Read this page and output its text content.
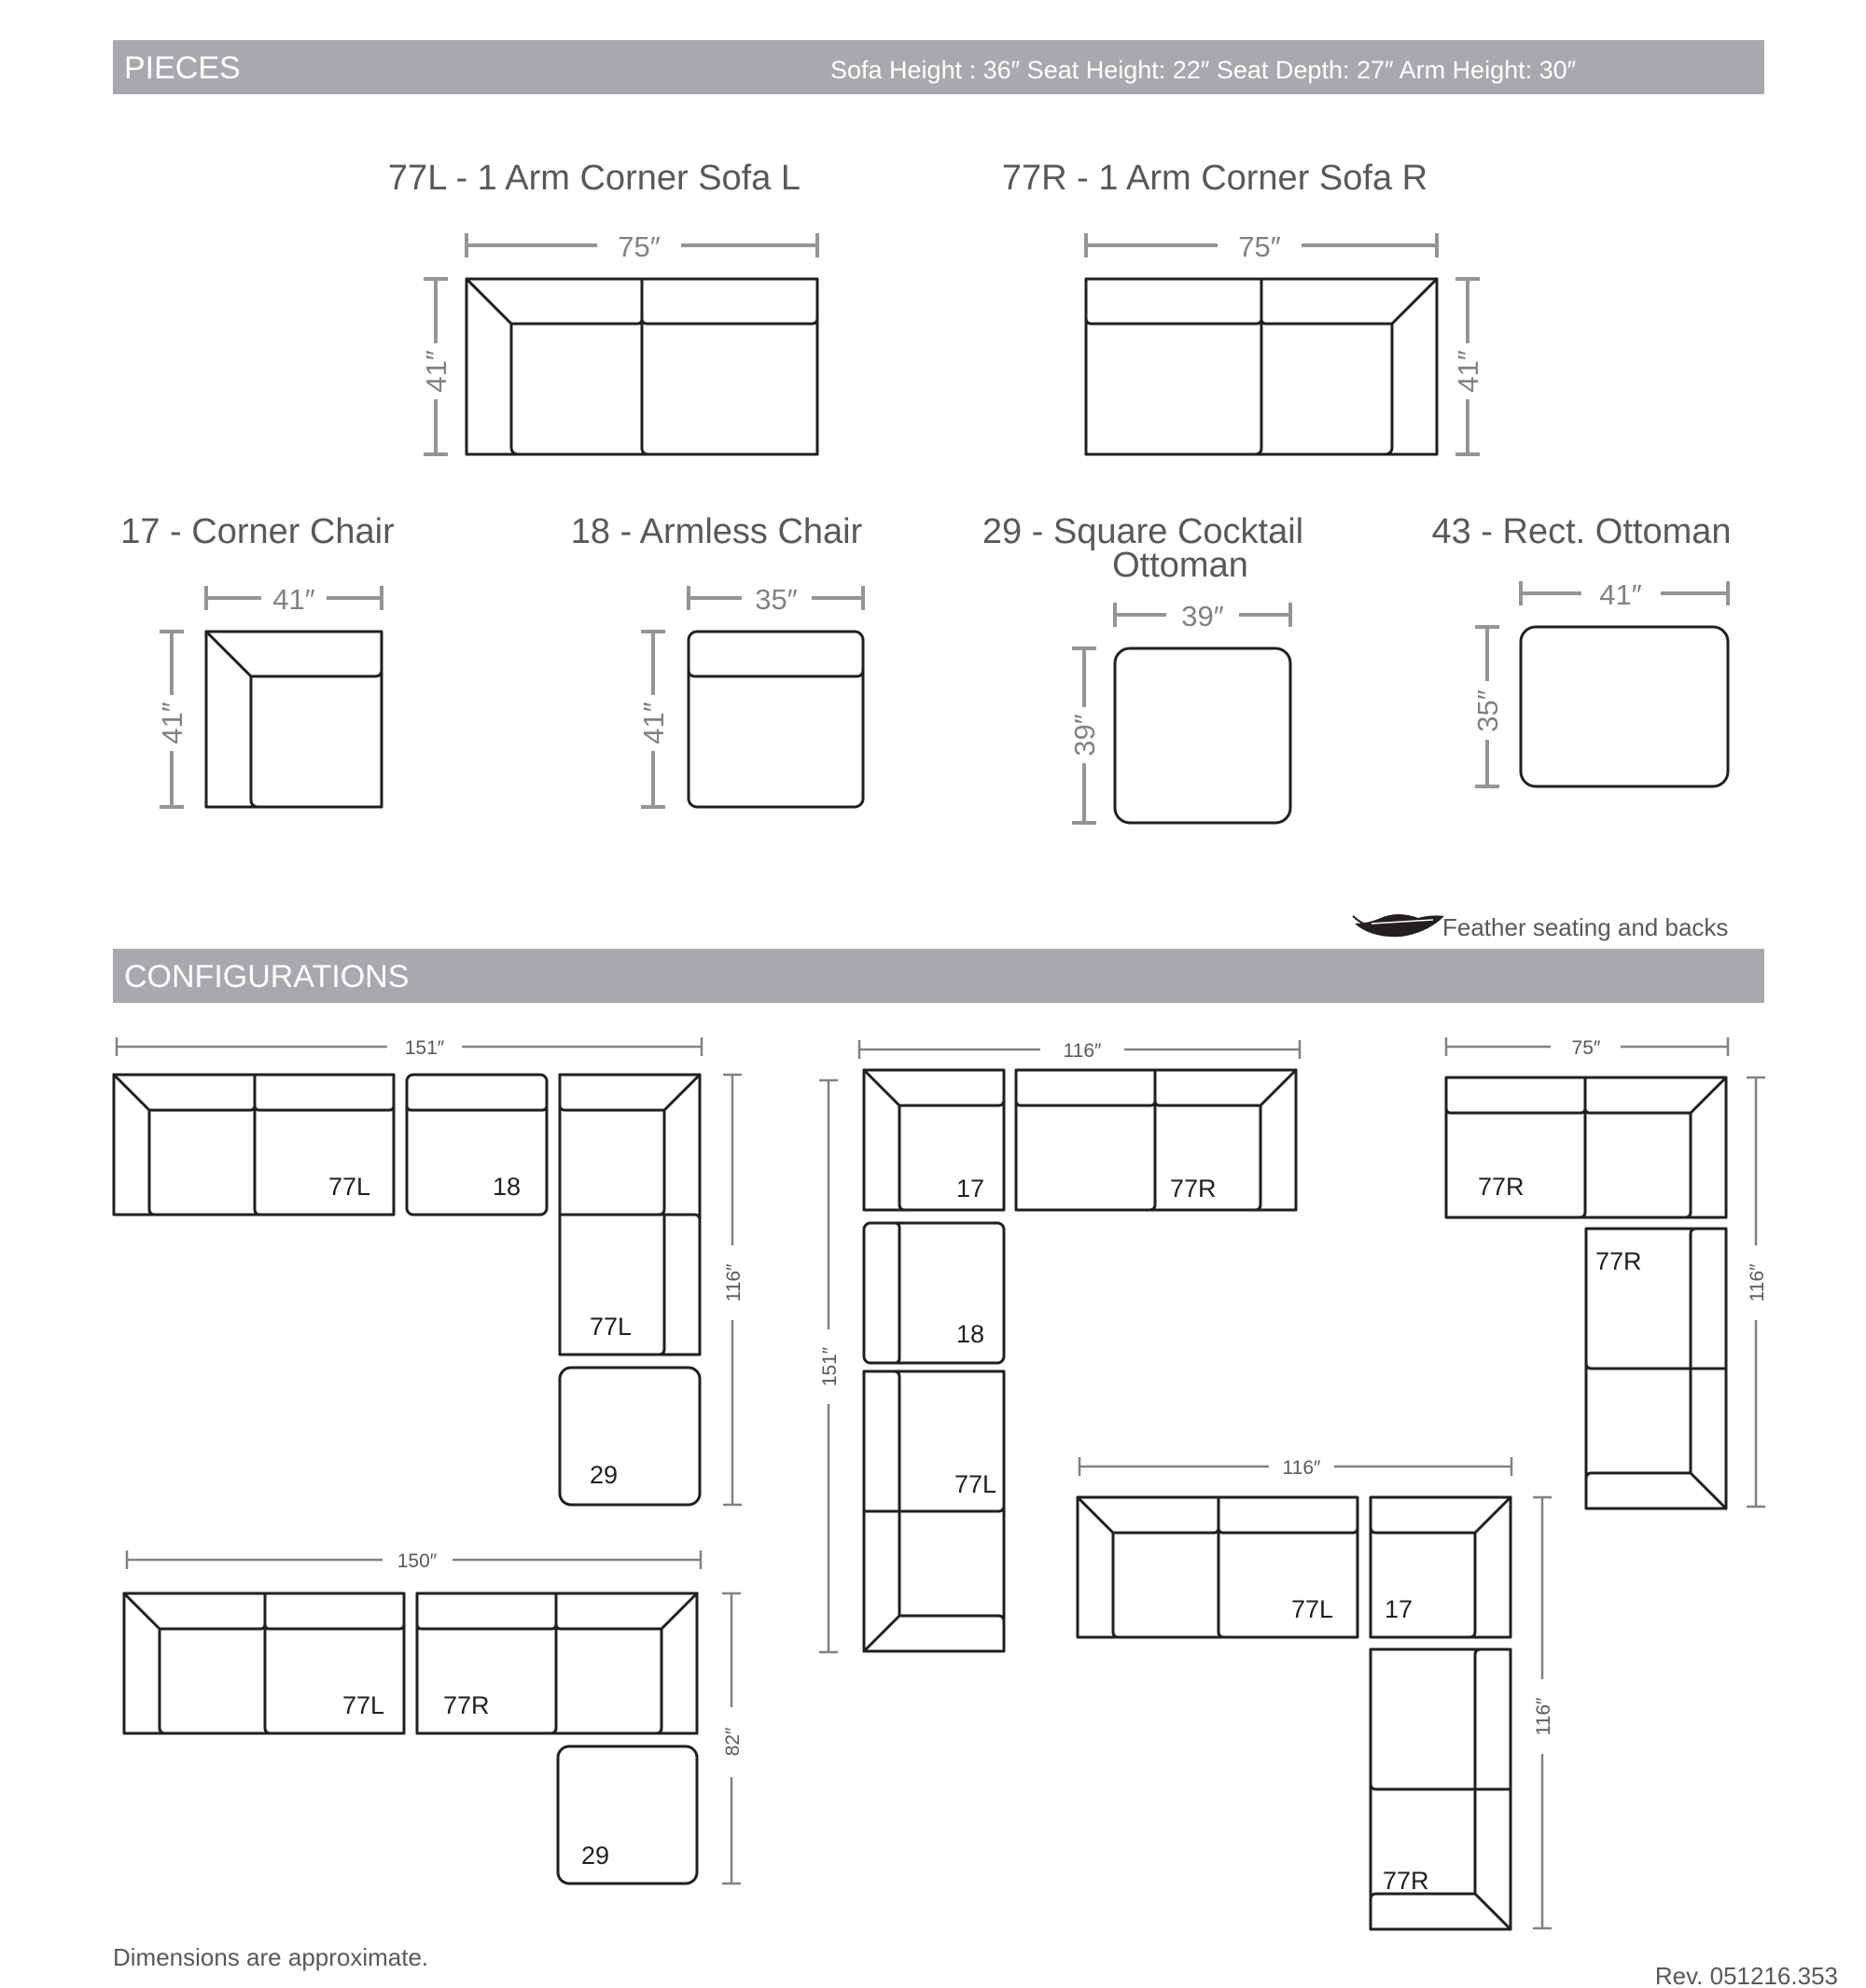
PIECES	Sofa Height : 36″ Seat Height: 22″ Seat Depth: 27″ Arm Height: 30″
77L - 1 Arm Corner Sofa L
75″
41″
77R - 1 Arm Corner Sofa R
75″
41″
17 - Corner Chair
41″
41″
18 - Armless Chair
35″
41″
29 - Square Cocktail
Ottoman
39″
39″
43 - Rect. Ottoman
41″
35″
Feather seating and backs
CONFIGURATIONS
151″
116″
77L	18
77L
29
150″
82″
77L 77R
29
116″
151″
17	77R
18
77L
116″
116″
77L 17
77R
75″
116″
77R
77R
Dimensions are approximate.
Rev. 051216.353
